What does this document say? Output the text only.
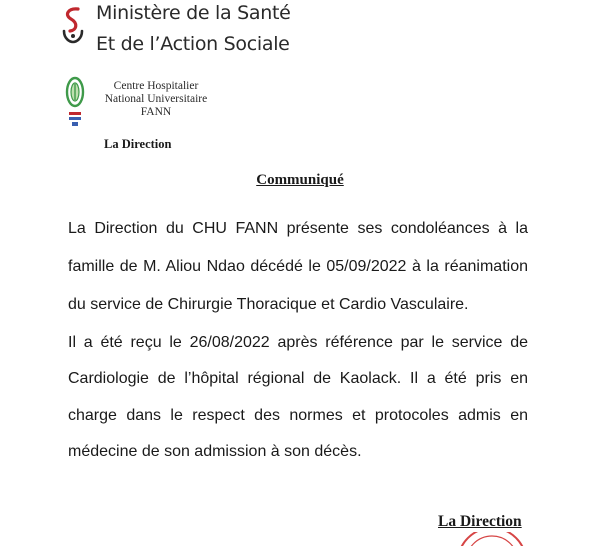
Ministère de la Santé
Et de l’Action Sociale
Centre Hospitalier
National Universitaire
FANN
La Direction
Communiqué
La Direction du CHU FANN présente ses condoléances à la
famille de M. Aliou Ndao décédé le 05/09/2022 à la réanimation
du service de Chirurgie Thoracique et Cardio Vasculaire.
Il a été reçu le 26/08/2022 après référence par le service de
Cardiologie de l’hôpital régional de Kaolack. Il a été pris en
charge dans le respect des normes et protocoles admis en
médecine de son admission à son décès.
La Direction
